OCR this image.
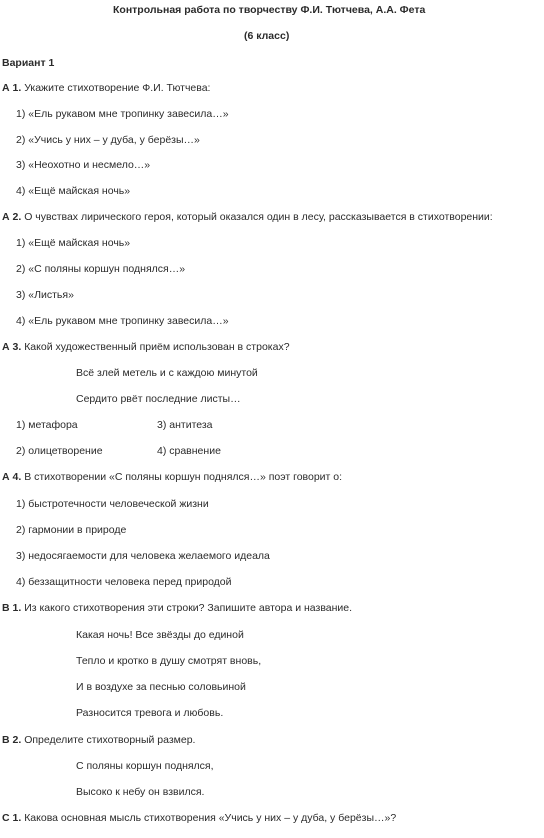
Контрольная работа по творчеству Ф.И. Тютчева, А.А. Фета
(6 класс)
Вариант 1
А 1. Укажите стихотворение Ф.И. Тютчева:
1) «Ель рукавом мне тропинку завесила…»
2) «Учись у них – у дуба, у берёзы…»
3) «Неохотно и несмело…»
4) «Ещё майская ночь»
А 2. О чувствах лирического героя, который оказался один в лесу, рассказывается в стихотворении:
1) «Ещё майская ночь»
2) «С поляны коршун поднялся…»
3) «Листья»
4) «Ель рукавом мне тропинку завесила…»
А 3. Какой художественный приём использован в строках?
Всё злей метель и с каждою минутой
Сердито рвёт последние листы…
1) метафора	3) антитеза
2) олицетворение	4) сравнение
А 4. В стихотворении «С поляны коршун поднялся…» поэт говорит о:
1) быстротечности человеческой жизни
2) гармонии в природе
3) недосягаемости для человека желаемого идеала
4) беззащитности человека перед природой
В 1. Из какого стихотворения эти строки? Запишите автора и название.
Какая ночь! Все звёзды до единой
Тепло и кротко в душу смотрят вновь,
И в воздухе за песнью соловьиной
Разносится тревога и любовь.
В 2. Определите стихотворный размер.
С поляны коршун поднялся,
Высоко к небу он взвился.
С 1. Какова основная мысль стихотворения «Учись у них – у дуба, у берёзы…»?
